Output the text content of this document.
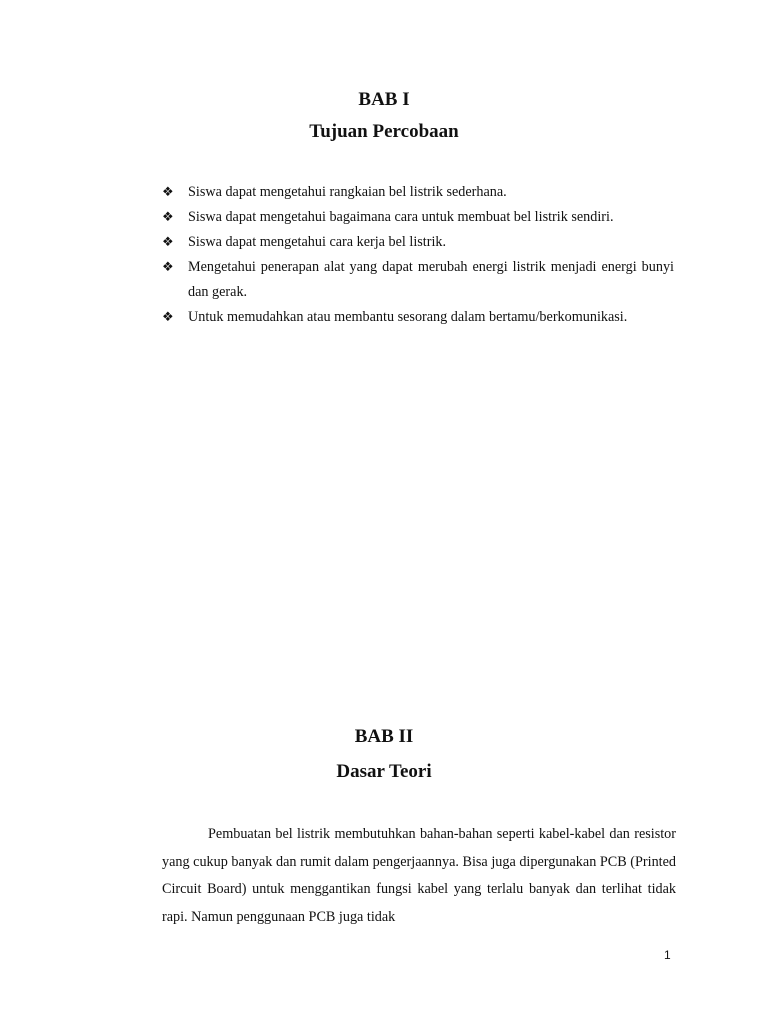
BAB I
Tujuan Percobaan
❖	Siswa dapat mengetahui rangkaian bel listrik sederhana.
❖	Siswa dapat mengetahui bagaimana cara untuk membuat bel listrik sendiri.
❖	Siswa dapat mengetahui cara kerja bel listrik.
❖	Mengetahui penerapan alat yang dapat merubah energi listrik menjadi energi bunyi dan gerak.
❖	Untuk memudahkan atau membantu sesorang dalam bertamu/berkomunikasi.
BAB II
Dasar Teori

Pembuatan bel listrik membutuhkan bahan-bahan seperti kabel-kabel dan resistor yang cukup banyak dan rumit dalam pengerjaannya. Bisa juga dipergunakan PCB (Printed Circuit Board) untuk menggantikan fungsi kabel yang terlalu banyak dan terlihat tidak rapi. Namun penggunaan PCB juga tidak

1
